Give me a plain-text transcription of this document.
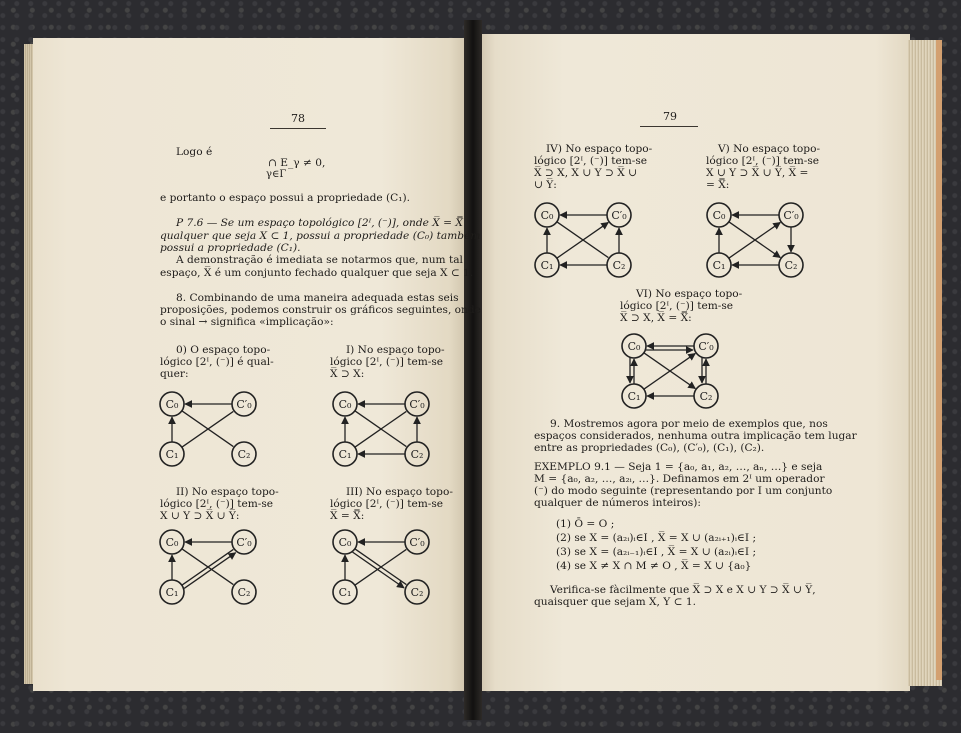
78

Logo é

∩ E_γ ≠ 0,

γ∈Γ

e portanto o espaço possui a propriedade (C₁).

P 7.6 — Se um espaço topológico [2ᴵ, (⁻)], onde X̅ = X̿

qualquer que seja X ⊂ 1, possui a propriedade (C₀) também

possui a propriedade (C₁).

A demonstração é imediata se notarmos que, num tal

espaço, X̅ é um conjunto fechado qualquer que seja X ⊂ 1.

8. Combinando de uma maneira adequada estas seis

proposições, podemos construir os gráficos seguintes, onde

o sinal → significa «implicação»:

0) O espaço topo-

lógico [2ᴵ, (⁻)] é qual-

quer:

I) No espaço topo-

lógico [2ᴵ, (⁻)] tem-se

X̅ ⊃ X:

II) No espaço topo-

lógico [2ᴵ, (⁻)] tem-se

X ∪ Y ⊃ X̅ ∪ Y̅:

III) No espaço topo-

lógico [2ᴵ, (⁻)] tem-se

X̅ = X̿:

79

IV) No espaço topo-

lógico [2ᴵ, (⁻)] tem-se

X̅ ⊃ X, X ∪ Y ⊃ X̅ ∪

∪ Y̅:

V) No espaço topo-

lógico [2ᴵ, (⁻)] tem-se

X ∪ Y ⊃ X̅ ∪ Y̅, X̅ =

= X̿:

VI) No espaço topo-

lógico [2ᴵ, (⁻)] tem-se

X̅ ⊃ X, X̅ = X̿:

9. Mostremos agora por meio de exemplos que, nos

espaços considerados, nenhuma outra implicação tem lugar

entre as propriedades (C₀), (C′₀), (C₁), (C₂).

EXEMPLO 9.1 — Seja 1 = {a₀, a₁, a₂, …, aₙ, …} e seja

M = {a₀, a₂, …, a₂ᵢ, …}. Definamos em 2ᴵ um operador

(⁻) do modo seguinte (representando por I um conjunto

qualquer de números inteiros):

(1) Ō = O ;

(2) se X = (a₂ᵢ)ᵢ∈I , X̅ = X ∪ (a₂ᵢ₊₁)ᵢ∈I ;

(3) se X = (a₂ᵢ₋₁)ᵢ∈I , X̅ = X ∪ (a₂ᵢ)ᵢ∈I ;

(4) se X ≠ X ∩ M ≠ O , X̅ = X ∪ {a₀}

Verifica-se fàcilmente que X̅ ⊃ X e X ∪ Y ⊃ X̅ ∪ Y̅,

quaisquer que sejam X, Y ⊂ 1.

C₀	C′₀
C₁	C₂
C₀	C′₀
C₁	C₂
C₀	C′₀
C₁	C₂
C₀	C′₀
C₁	C₂
C₀	C′₀
C₁	C₂
C₀	C′₀
C₁	C₂
C₀	C′₀
C₁	C₂
